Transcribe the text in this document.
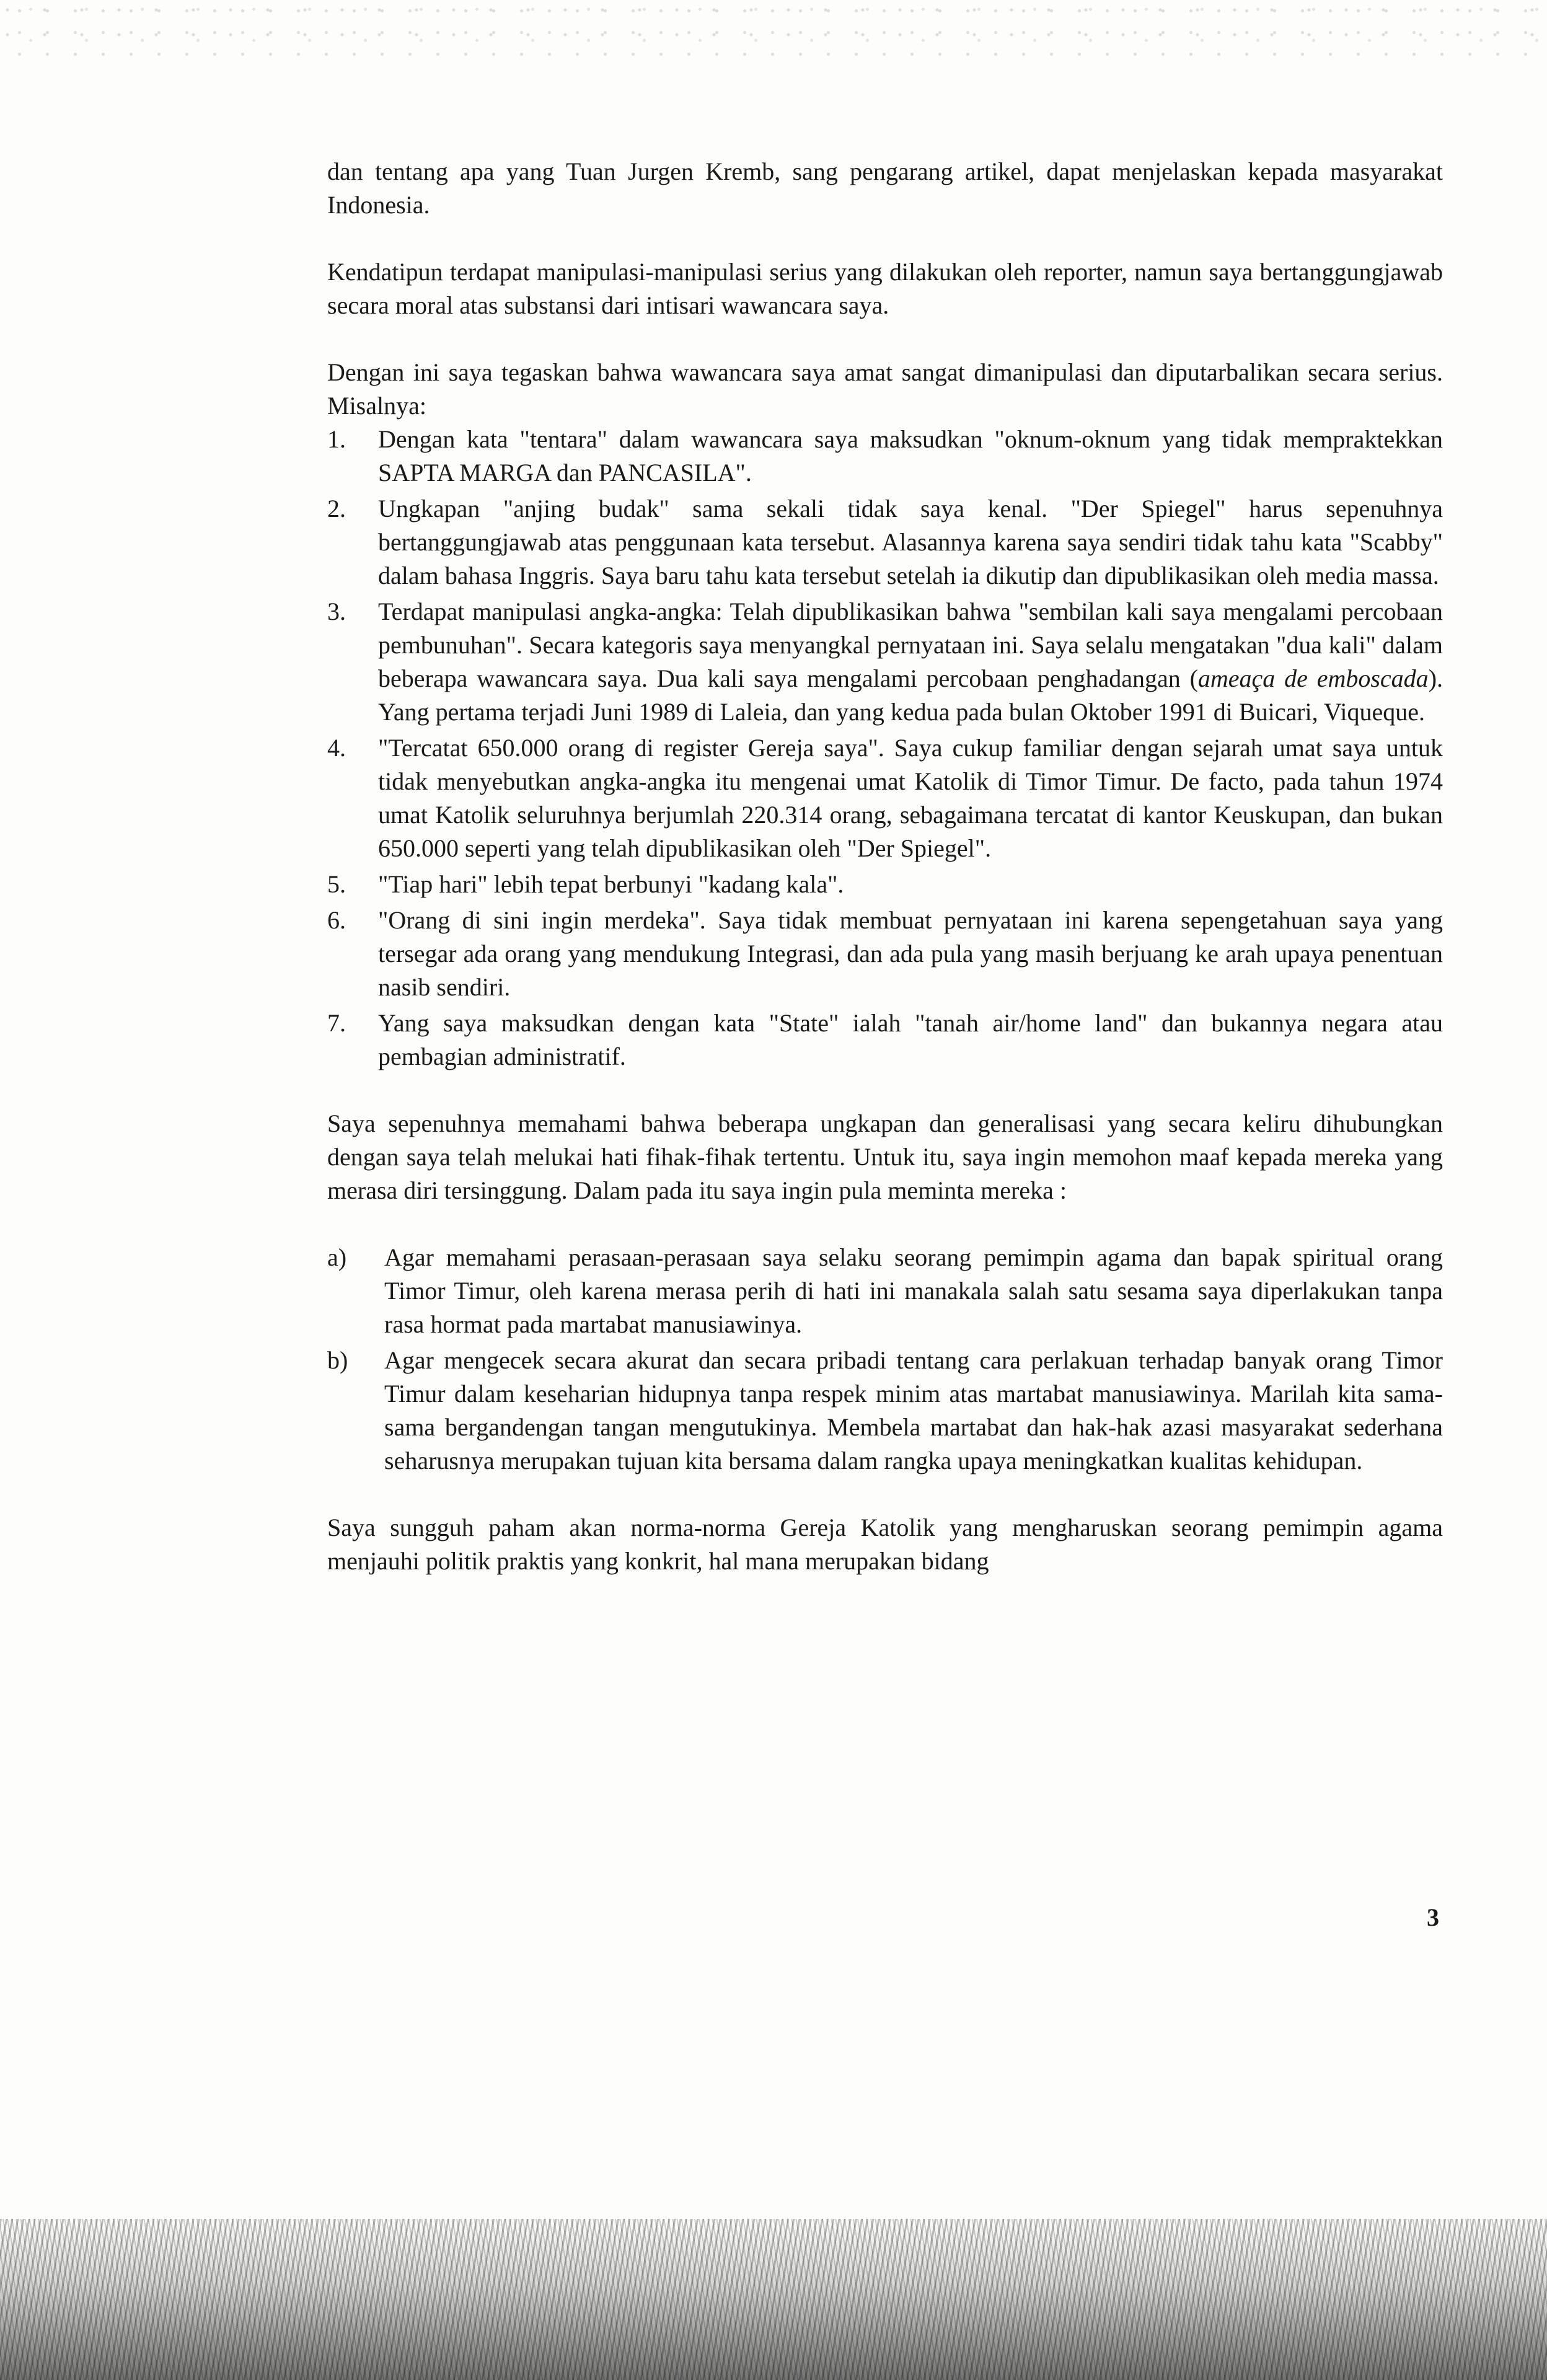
dan tentang apa yang Tuan Jurgen Kremb, sang pengarang artikel, dapat menjelaskan kepada masyarakat Indonesia.

Kendatipun terdapat manipulasi-manipulasi serius yang dilakukan oleh reporter, namun saya bertanggungjawab secara moral atas substansi dari intisari wawancara saya.

Dengan ini saya tegaskan bahwa wawancara saya amat sangat dimanipulasi dan diputarbalikan secara serius. Misalnya:

1.	Dengan kata "tentara" dalam wawancara saya maksudkan "oknum-oknum yang tidak mempraktekkan SAPTA MARGA dan PANCASILA".
2.	Ungkapan "anjing budak" sama sekali tidak saya kenal. "Der Spiegel" harus sepenuhnya bertanggungjawab atas penggunaan kata tersebut. Alasannya karena saya sendiri tidak tahu kata "Scabby" dalam bahasa Inggris. Saya baru tahu kata tersebut setelah ia dikutip dan dipublikasikan oleh media massa.
3.	Terdapat manipulasi angka-angka: Telah dipublikasikan bahwa "sembilan kali saya mengalami percobaan pembunuhan". Secara kategoris saya menyangkal pernyataan ini. Saya selalu mengatakan "dua kali" dalam beberapa wawancara saya. Dua kali saya mengalami percobaan penghadangan (ameaça de emboscada). Yang pertama terjadi Juni 1989 di Laleia, dan yang kedua pada bulan Oktober 1991 di Buicari, Viqueque.
4.	"Tercatat 650.000 orang di register Gereja saya". Saya cukup familiar dengan sejarah umat saya untuk tidak menyebutkan angka-angka itu mengenai umat Katolik di Timor Timur. De facto, pada tahun 1974 umat Katolik seluruhnya berjumlah 220.314 orang, sebagaimana tercatat di kantor Keuskupan, dan bukan 650.000 seperti yang telah dipublikasikan oleh "Der Spiegel".
5.	"Tiap hari" lebih tepat berbunyi "kadang kala".
6.	"Orang di sini ingin merdeka". Saya tidak membuat pernyataan ini karena sepengetahuan saya yang tersegar ada orang yang mendukung Integrasi, dan ada pula yang masih berjuang ke arah upaya penentuan nasib sendiri.
7.	Yang saya maksudkan dengan kata "State" ialah "tanah air/home land" dan bukannya negara atau pembagian administratif.

Saya sepenuhnya memahami bahwa beberapa ungkapan dan generalisasi yang secara keliru dihubungkan dengan saya telah melukai hati fihak-fihak tertentu. Untuk itu, saya ingin memohon maaf kepada mereka yang merasa diri tersinggung. Dalam pada itu saya ingin pula meminta mereka :

a)	Agar memahami perasaan-perasaan saya selaku seorang pemimpin agama dan bapak spiritual orang Timor Timur, oleh karena merasa perih di hati ini manakala salah satu sesama saya diperlakukan tanpa rasa hormat pada martabat manusiawinya.
b)	Agar mengecek secara akurat dan secara pribadi tentang cara perlakuan terhadap banyak orang Timor Timur dalam keseharian hidupnya tanpa respek minim atas martabat manusiawinya. Marilah kita sama-sama bergandengan tangan mengutukinya. Membela martabat dan hak-hak azasi masyarakat sederhana seharusnya merupakan tujuan kita bersama dalam rangka upaya meningkatkan kualitas kehidupan.

Saya sungguh paham akan norma-norma Gereja Katolik yang mengharuskan seorang pemimpin agama menjauhi politik praktis yang konkrit, hal mana merupakan bidang

3
